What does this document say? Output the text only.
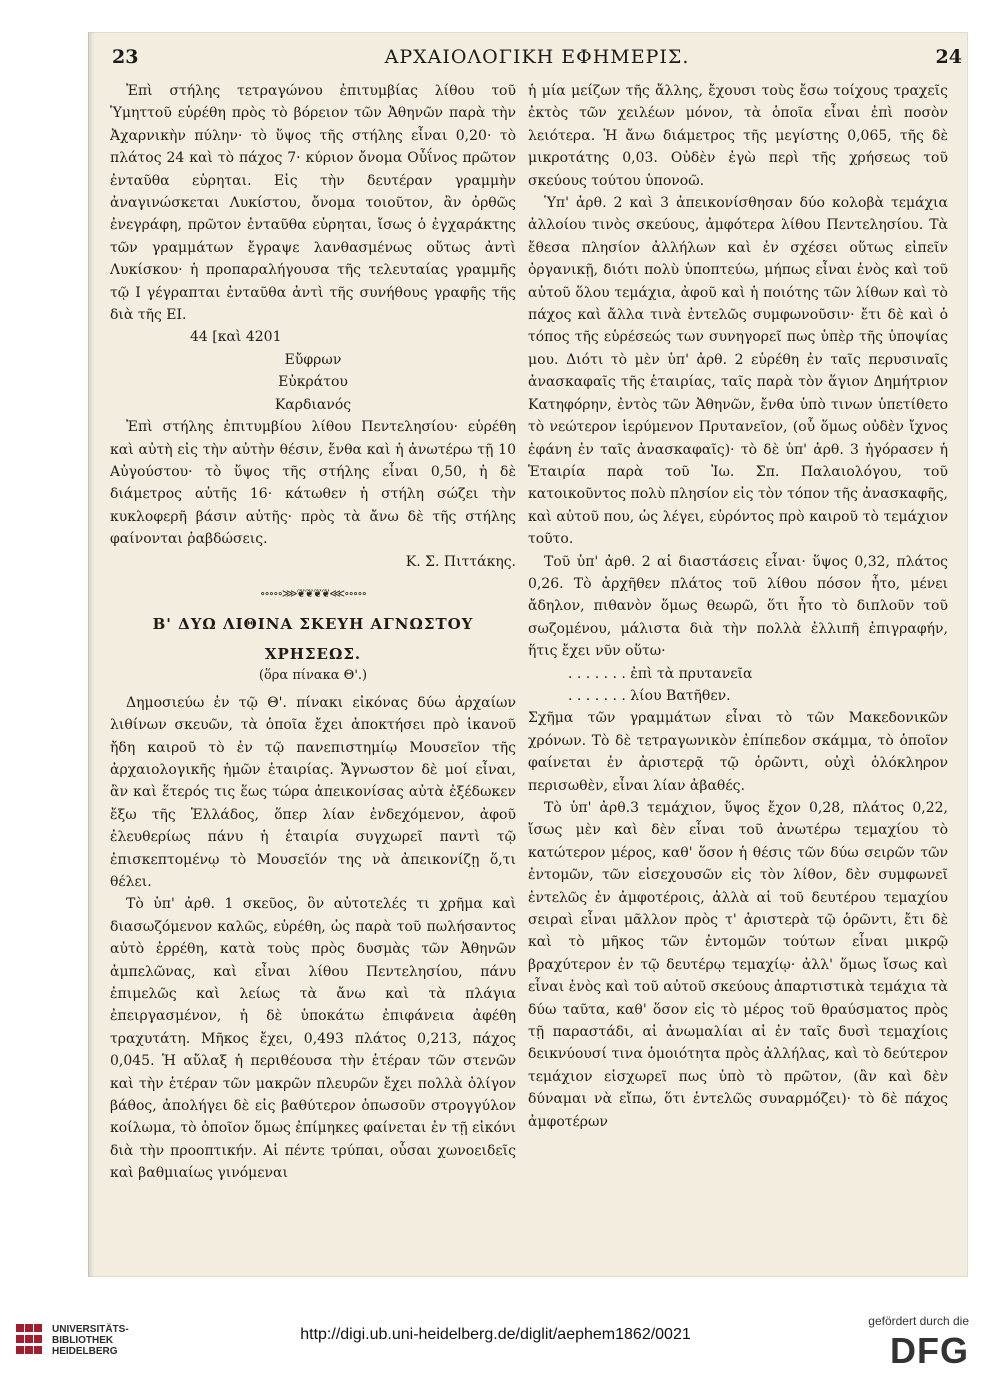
23	ΑΡΧΑΙΟΛΟΓΙΚΗ ΕΦΗΜΕΡΙΣ.	24

Ἐπὶ στήλης τετραγώνου ἐπιτυμβίας λίθου τοῦ Ὑμηττοῦ εὑρέθη πρὸς τὸ βόρειον τῶν Ἀθηνῶν παρὰ τὴν Ἀχαρνικὴν πύλην· τὸ ὕψος τῆς στήλης εἶναι 0,20· τὸ πλάτος 24 καὶ τὸ πάχος 7· κύριον ὄνομα Οὖΐνος πρῶτον ἐνταῦθα εὑρηται. Εἰς τὴν δευτέραν γραμμὴν ἀναγινώσκεται Λυκίστου, ὄνομα τοιοῦτον, ἂν ὀρθῶς ἐνεγράφη, πρῶτον ἐνταῦθα εὑρηται, ἴσως ὁ ἐγχαράκτης τῶν γραμμάτων ἔγραψε λανθασμένως οὕτως ἀντὶ Λυκίσκου· ἡ προπαραλήγουσα τῆς τελευταίας γραμμῆς τῷ Ι γέγραπται ἐνταῦθα ἀντὶ τῆς συνήθους γραφῆς τῆς διὰ τῆς ΕΙ.

44 [καὶ 4201

Εὔφρων

Εὐκράτου

Καρδιανός

Ἐπὶ στήλης ἐπιτυμβίου λίθου Πεντελησίου· εὑρέθη καὶ αὐτὴ εἰς τὴν αὐτὴν θέσιν, ἔνθα καὶ ἡ ἀνωτέρω τῇ 10 Αὐγούστου· τὸ ὕψος τῆς στήλης εἶναι 0,50, ἡ δὲ διάμετρος αὐτῆς 16· κάτωθεν ἡ στήλη σώζει τὴν κυκλοφερῆ βάσιν αὐτῆς· πρὸς τὰ ἄνω δὲ τῆς στήλης φαίνονται ῥαβδώσεις.

Κ. Σ. Πιττάκης.

∘∘∘∘∘⋙❦❦❦❦⋘∘∘∘∘∘
Β' ΔΥΩ ΛΙΘΙΝΑ ΣΚΕΥΗ ΑΓΝΩΣΤΟΥ
ΧΡΗΣΕΩΣ.
(ὅρα πίνακα Θ'.)

Δημοσιεύω ἐν τῷ Θ'. πίνακι εἰκόνας δύω ἀρχαίων λιθίνων σκευῶν, τὰ ὁποῖα ἔχει ἀποκτήσει πρὸ ἱκανοῦ ἤδη καιροῦ τὸ ἐν τῷ πανεπιστημίῳ Μουσεῖον τῆς ἀρχαιολογικῆς ἡμῶν ἑταιρίας. Ἄγνωστον δὲ μοί εἶναι, ἂν καὶ ἕτερός τις ἕως τώρα ἀπεικονίσας αὐτὰ ἐξέδωκεν ἔξω τῆς Ἑλλάδος, ὅπερ λίαν ἐνδεχόμενον, ἀφοῦ ἐλευθερίως πάνυ ἡ ἑταιρία συγχωρεῖ παντὶ τῷ ἐπισκεπτομένῳ τὸ Μουσεῖόν της νὰ ἀπεικονίζῃ ὅ,τι θέλει.

Τὸ ὑπ' ἀρθ. 1 σκεῦος, ὃν αὐτοτελές τι χρῆμα καὶ διασωζόμενον καλῶς, εὑρέθη, ὡς παρὰ τοῦ πωλήσαντος αὐτὸ ἐρρέθη, κατὰ τοὺς πρὸς δυσμὰς τῶν Ἀθηνῶν ἀμπελῶνας, καὶ εἶναι λίθου Πεντελησίου, πάνυ ἐπιμελῶς καὶ λείως τὰ ἄνω καὶ τὰ πλάγια ἐπειργασμένον, ἡ δὲ ὑποκάτω ἐπιφάνεια ἀφέθη τραχυτάτη. Μῆκος ἔχει, 0,493 πλάτος 0,213, πάχος 0,045. Ἡ αὔλαξ ἡ περιθέουσα τὴν ἑτέραν τῶν στενῶν καὶ τὴν ἑτέραν τῶν μακρῶν πλευρῶν ἔχει πολλὰ ὀλίγον βάθος, ἀπολήγει δὲ εἰς βαθύτερον ὁπωσοῦν στρογγύλον κοίλωμα, τὸ ὁποῖον ὅμως ἐπίμηκες φαίνεται ἐν τῇ εἰκόνι διὰ τὴν προοπτικήν. Αἱ πέντε τρύπαι, οὖσαι χωνοειδεῖς καὶ βαθμιαίως γινόμεναι

ἡ μία μείζων τῆς ἄλλης, ἔχουσι τοὺς ἔσω τοίχους τραχεῖς ἐκτὸς τῶν χειλέων μόνον, τὰ ὁποῖα εἶναι ἐπὶ ποσὸν λειότερα. Ἡ ἄνω διάμετρος τῆς μεγίστης 0,065, τῆς δὲ μικροτάτης 0,03. Οὐδὲν ἐγὼ περὶ τῆς χρήσεως τοῦ σκεύους τούτου ὑπονοῶ.

Ὑπ' ἀρθ. 2 καὶ 3 ἀπεικονίσθησαν δύο κολοβὰ τεμάχια ἀλλοίου τινὸς σκεύους, ἀμφότερα λίθου Πεντελησίου. Τὰ ἔθεσα πλησίον ἀλλήλων καὶ ἐν σχέσει οὕτως εἰπεῖν ὀργανικῇ, διότι πολὺ ὑποπτεύω, μήπως εἶναι ἑνὸς καὶ τοῦ αὐτοῦ ὅλου τεμάχια, ἀφοῦ καὶ ἡ ποιότης τῶν λίθων καὶ τὸ πάχος καὶ ἄλλα τινὰ ἐντελῶς συμφωνοῦσιν· ἔτι δὲ καὶ ὁ τόπος τῆς εὑρέσεώς των συνηγορεῖ πως ὑπὲρ τῆς ὑποψίας μου. Διότι τὸ μὲν ὑπ' ἀρθ. 2 εὑρέθη ἐν ταῖς περυσιναῖς ἀνασκαφαῖς τῆς ἑταιρίας, ταῖς παρὰ τὸν ἅγιον Δημήτριον Κατηφόρην, ἐντὸς τῶν Ἀθηνῶν, ἔνθα ὑπὸ τινων ὑπετίθετο τὸ νεώτερον ἱερύμενον Πρυτανεῖον, (οὗ ὅμως οὐδὲν ἴχνος ἐφάνη ἐν ταῖς ἀνασκαφαῖς)· τὸ δὲ ὑπ' ἀρθ. 3 ἠγόρασεν ἡ Ἑταιρία παρὰ τοῦ Ἰω. Σπ. Παλαιολόγου, τοῦ κατοικοῦντος πολὺ πλησίον εἰς τὸν τόπον τῆς ἀνασκαφῆς, καὶ αὐτοῦ που, ὡς λέγει, εὑρόντος πρὸ καιροῦ τὸ τεμάχιον τοῦτο.

Τοῦ ὑπ' ἀρθ. 2 αἱ διαστάσεις εἶναι· ὕψος 0,32, πλάτος 0,26. Τὸ ἀρχῆθεν πλάτος τοῦ λίθου πόσον ἦτο, μένει ἄδηλον, πιθανὸν ὅμως θεωρῶ, ὅτι ἦτο τὸ διπλοῦν τοῦ σωζομένου, μάλιστα διὰ τὴν πολλὰ ἐλλιπῆ ἐπιγραφήν, ἥτις ἔχει νῦν οὕτω·

. . . . . . . ἐπὶ τὰ πρυτανεῖα

. . . . . . . λίου Βατῆθεν.

Σχῆμα τῶν γραμμάτων εἶναι τὸ τῶν Μακεδονικῶν χρόνων. Τὸ δὲ τετραγωνικὸν ἐπίπεδον σκάμμα, τὸ ὁποῖον φαίνεται ἐν ἀριστερᾷ τῷ ὁρῶντι, οὐχὶ ὁλόκληρον περισωθὲν, εἶναι λίαν ἀβαθές.

Τὸ ὑπ' ἀρθ.3 τεμάχιον, ὕψος ἔχον 0,28, πλάτος 0,22, ἴσως μὲν καὶ δὲν εἶναι τοῦ ἀνωτέρω τεμαχίου τὸ κατώτερον μέρος, καθ' ὅσον ἡ θέσις τῶν δύω σειρῶν τῶν ἐντομῶν, τῶν εἰσεχουσῶν εἰς τὸν λίθον, δὲν συμφωνεῖ ἐντελῶς ἐν ἀμφοτέροις, ἀλλὰ αἱ τοῦ δευτέρου τεμαχίου σειραὶ εἶναι μᾶλλον πρὸς τ' ἀριστερὰ τῷ ὁρῶντι, ἔτι δὲ καὶ τὸ μῆκος τῶν ἐντομῶν τούτων εἶναι μικρῷ βραχύτερον ἐν τῷ δευτέρῳ τεμαχίῳ· ἀλλ' ὅμως ἴσως καὶ εἶναι ἑνὸς καὶ τοῦ αὐτοῦ σκεύους ἀπαρτιστικὰ τεμάχια τὰ δύω ταῦτα, καθ' ὅσον εἰς τὸ μέρος τοῦ θραύσματος πρὸς τῇ παραστάδι, αἱ ἀνωμαλίαι αἱ ἐν ταῖς δυσὶ τεμαχίοις δεικνύουσί τινα ὁμοιότητα πρὸς ἀλλήλας, καὶ τὸ δεύτερον τεμάχιον εἰσχωρεῖ πως ὑπὸ τὸ πρῶτον, (ἂν καὶ δὲν δύναμαι νὰ εἴπω, ὅτι ἐντελῶς συναρμόζει)· τὸ δὲ πάχος ἀμφοτέρων

UNIVERSITÄTS-
BIBLIOTHEK
HEIDELBERG
http://digi.ub.uni-heidelberg.de/diglit/aephem1862/0021
gefördert durch die
DFG
